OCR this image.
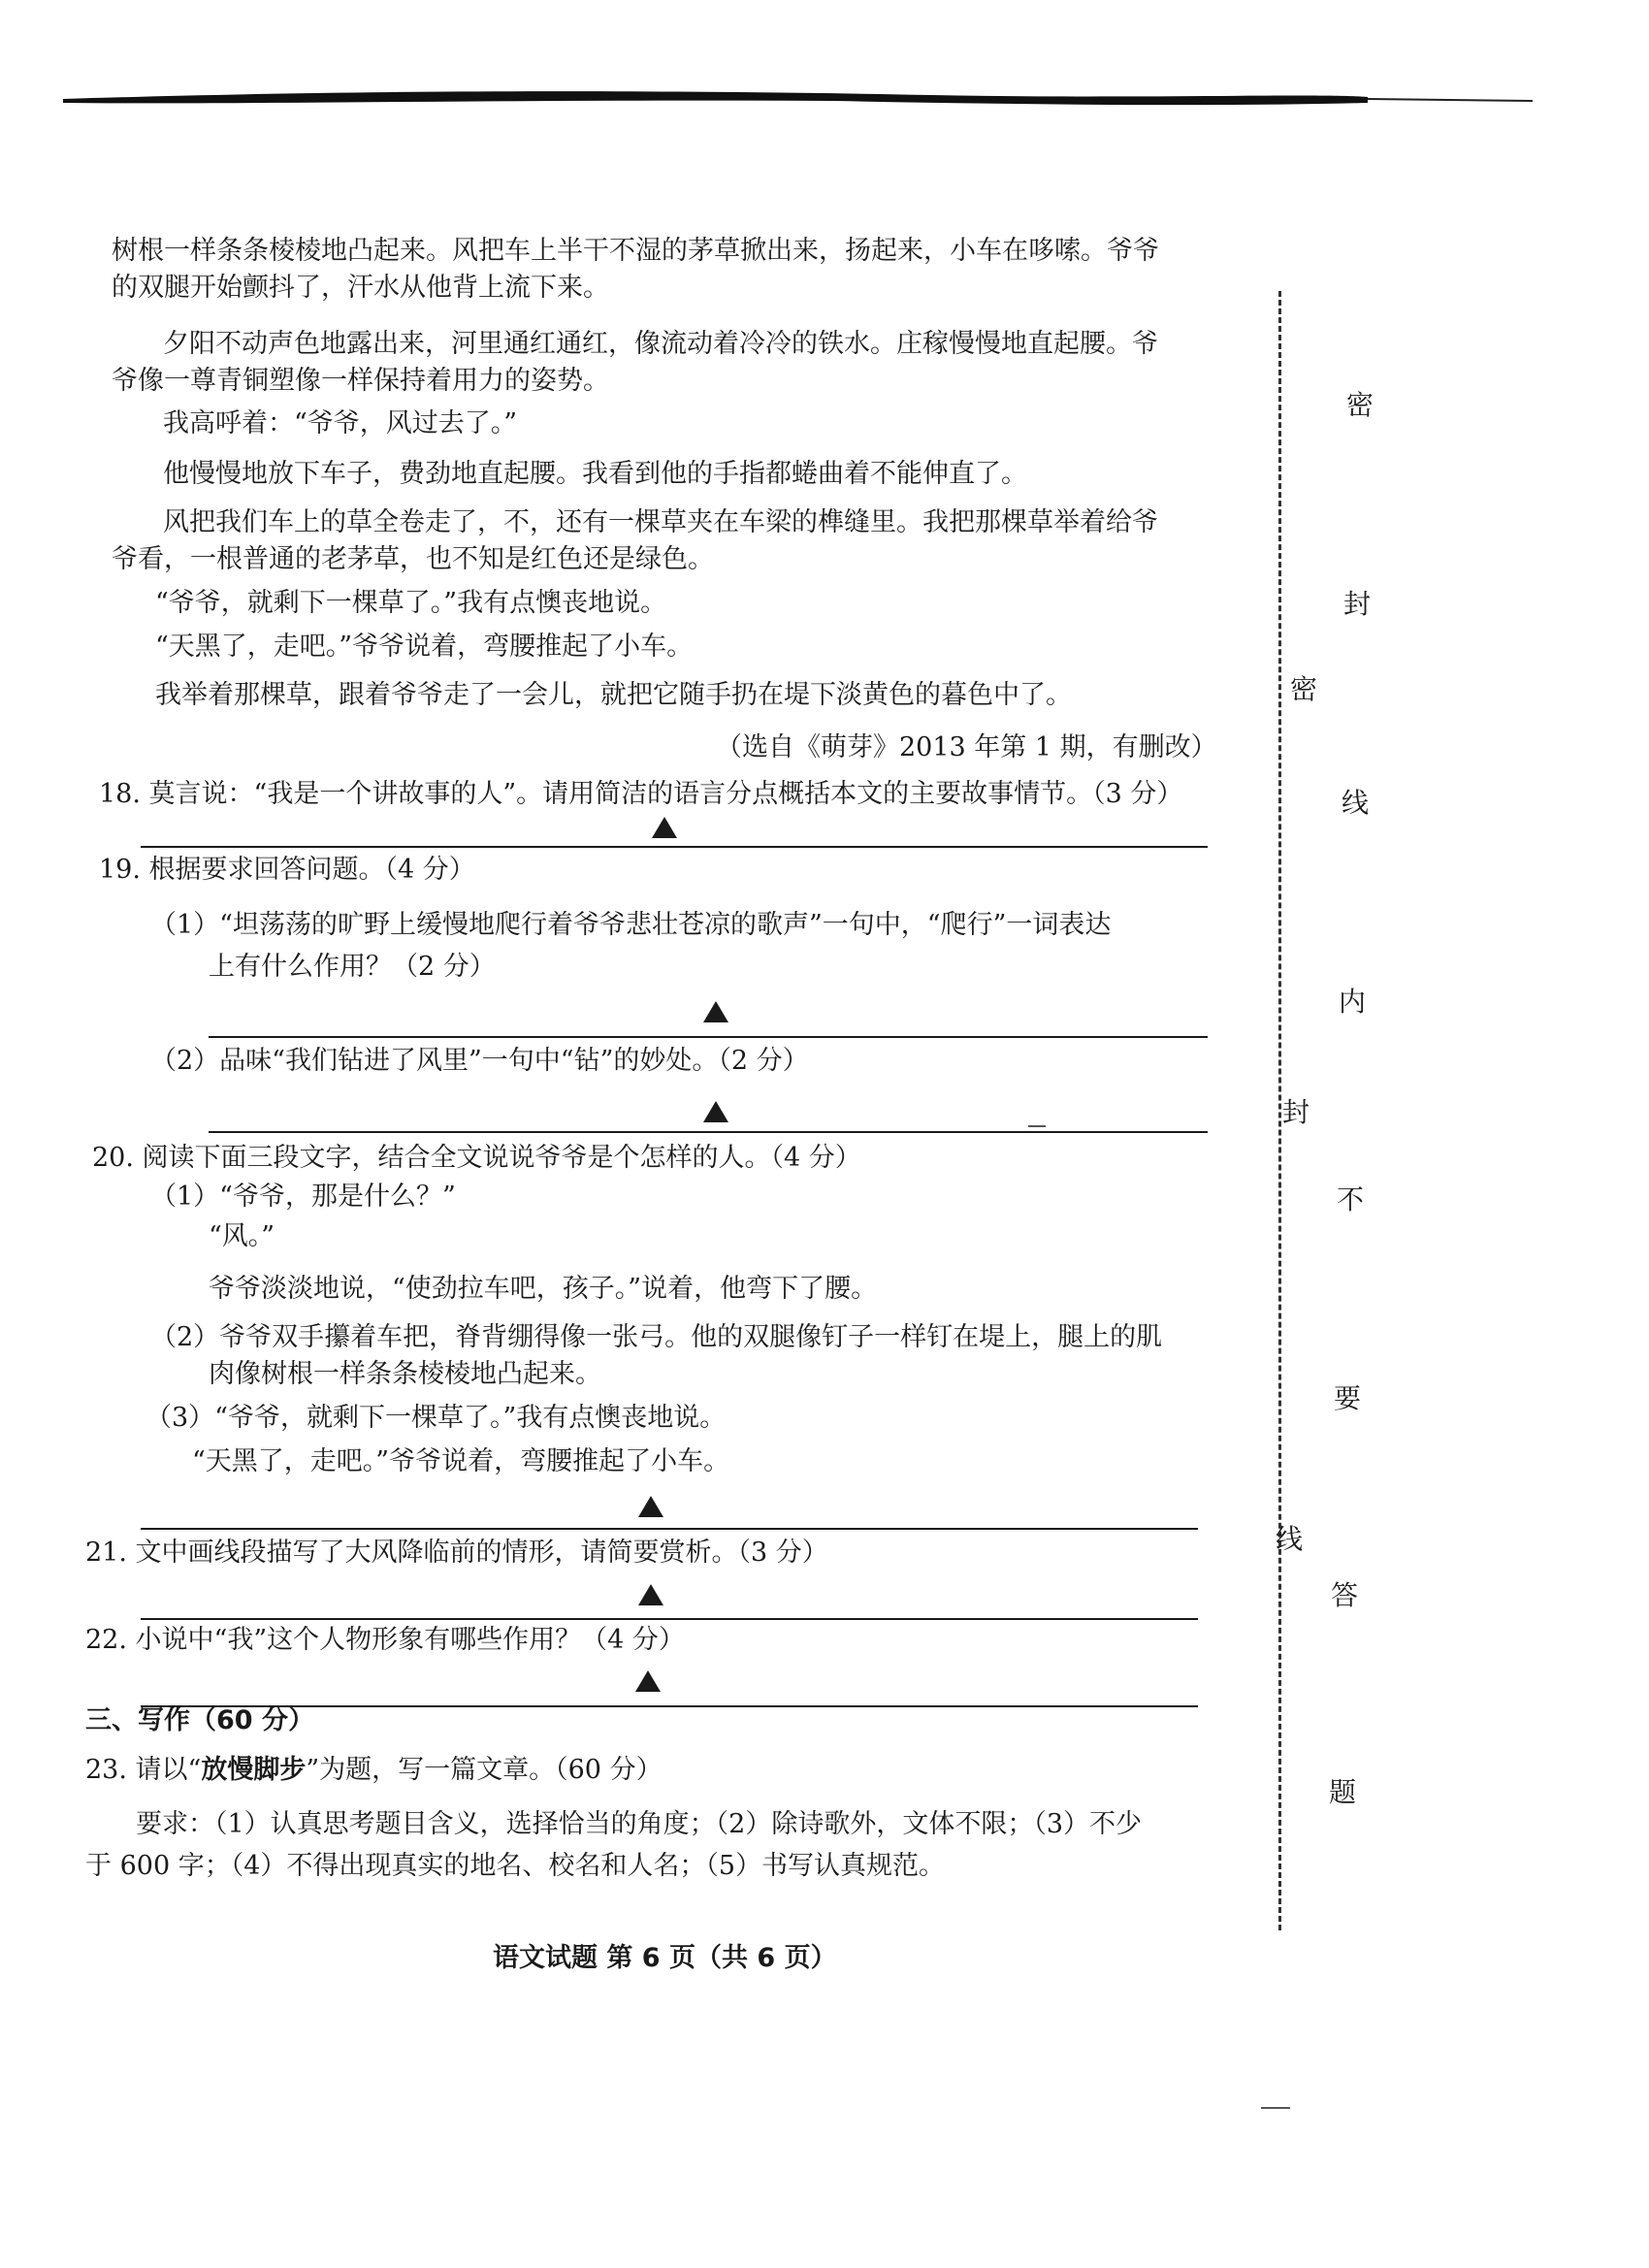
树根一样条条棱棱地凸起来。风把车上半干不湿的茅草掀出来，扬起来，小车在哆嗦。爷爷
的双腿开始颤抖了，汗水从他背上流下来。
夕阳不动声色地露出来，河里通红通红，像流动着冷冷的铁水。庄稼慢慢地直起腰。爷
爷像一尊青铜塑像一样保持着用力的姿势。
我高呼着：“爷爷，风过去了。”
他慢慢地放下车子，费劲地直起腰。我看到他的手指都蜷曲着不能伸直了。
风把我们车上的草全卷走了，不，还有一棵草夹在车梁的榫缝里。我把那棵草举着给爷
爷看，一根普通的老茅草，也不知是红色还是绿色。
“爷爷，就剩下一棵草了。”我有点懊丧地说。
“天黑了，走吧。”爷爷说着，弯腰推起了小车。
我举着那棵草，跟着爷爷走了一会儿，就把它随手扔在堤下淡黄色的暮色中了。
（选自《萌芽》2013 年第 1 期，有删改）
18. 莫言说：“我是一个讲故事的人”。请用简洁的语言分点概括本文的主要故事情节。（3 分）
19. 根据要求回答问题。（4 分）
（1）“坦荡荡的旷野上缓慢地爬行着爷爷悲壮苍凉的歌声”一句中，“爬行”一词表达
上有什么作用？（2 分）
（2）品味“我们钻进了风里”一句中“钻”的妙处。（2 分）
20. 阅读下面三段文字，结合全文说说爷爷是个怎样的人。（4 分）
（1）“爷爷，那是什么？”
“风。”
爷爷淡淡地说，“使劲拉车吧，孩子。”说着，他弯下了腰。
（2）爷爷双手攥着车把，脊背绷得像一张弓。他的双腿像钉子一样钉在堤上，腿上的肌
肉像树根一样条条棱棱地凸起来。
（3）“爷爷，就剩下一棵草了。”我有点懊丧地说。
“天黑了，走吧。”爷爷说着，弯腰推起了小车。
21. 文中画线段描写了大风降临前的情形，请简要赏析。（3 分）
22. 小说中“我”这个人物形象有哪些作用？（4 分）
三、写作（60 分）
23. 请以“放慢脚步”为题，写一篇文章。（60 分）
要求：（1）认真思考题目含义，选择恰当的角度；（2）除诗歌外，文体不限；（3）不少
于 600 字；（4）不得出现真实的地名、校名和人名；（5）书写认真规范。
语文试题 第 6 页（共 6 页）
密
封
线
内
不
要
答
题
密
封
线
